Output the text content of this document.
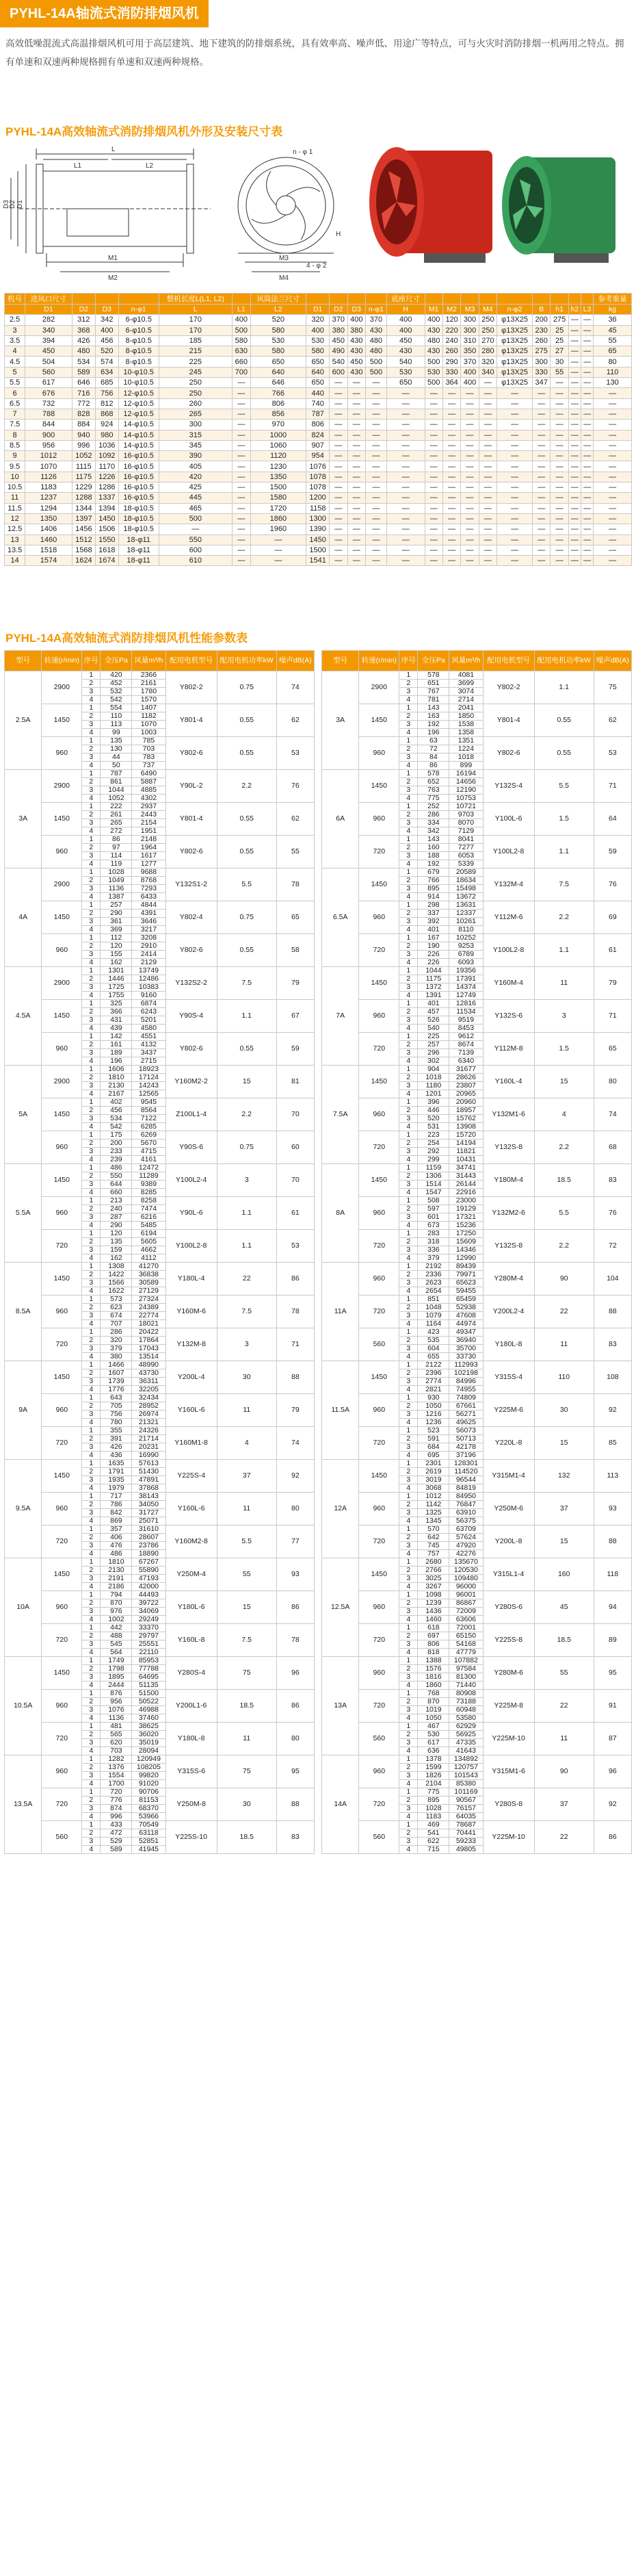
PYHL-14A轴流式消防排烟风机
高效低噪混流式高温排烟风机可用于高层建筑、地下建筑的防排烟系统，具有效率高、噪声低、用途广等特点，可与火灾时消防排烟一机两用之特点。拥有单速和双速两种规格拥有单速和双速两种规格。
PYHL-14A高效轴流式消防排烟风机外形及安装尺寸表
L
L1	L2
D1
D2
D3
n - φ 1
M1
M2
M3
M4
4 - φ 2
H
机号	进风口尺寸				整机长度L(L1, L2)		风筒法兰尺寸					底座尺寸										参考重量
	D1	D2	D3	n-φ1	L	L1	L2	D1	D2	D3	n-φ1	H	M1	M2	M3	M4	n-φ2	B	h1	h2	L3	kg
2.5	282	312	342	6-φ10.5	170	400	520	320	370	400	370	400	400	120	300	250	φ13X25	200	275	—	—	36
3	340	368	400	6-φ10.5	170	500	580	400	380	380	430	400	430	220	300	250	φ13X25	230	25	—	—	45
3.5	394	426	456	8-φ10.5	185	580	530	530	450	430	480	450	480	240	310	270	φ13X25	260	25	—	—	55
4	450	480	520	8-φ10.5	215	630	580	580	490	430	480	430	430	260	350	280	φ13X25	275	27	—	—	65
4.5	504	534	574	8-φ10.5	225	660	650	650	540	450	500	540	500	290	370	320	φ13X25	300	30	—	—	80
5	560	589	634	10-φ10.5	245	700	640	640	600	430	500	530	530	330	400	340	φ13X25	330	55	—	—	110
5.5	617	646	685	10-φ10.5	250	—	646	650	—	—	—	650	500	364	400	—	φ13X25	347	—	—	—	130
6	676	716	756	12-φ10.5	250	—	766	440	—	—	—	—	—	—	—	—	—	—	—	—	—	—
6.5	732	772	812	12-φ10.5	260	—	806	740	—	—	—	—	—	—	—	—	—	—	—	—	—	—
7	788	828	868	12-φ10.5	265	—	856	787	—	—	—	—	—	—	—	—	—	—	—	—	—	—
7.5	844	884	924	14-φ10.5	300	—	970	806	—	—	—	—	—	—	—	—	—	—	—	—	—	—
8	900	940	980	14-φ10.5	315	—	1000	824	—	—	—	—	—	—	—	—	—	—	—	—	—	—
8.5	956	996	1036	14-φ10.5	345	—	1060	907	—	—	—	—	—	—	—	—	—	—	—	—	—	—
9	1012	1052	1092	16-φ10.5	390	—	1120	954	—	—	—	—	—	—	—	—	—	—	—	—	—	—
9.5	1070	1115	1170	16-φ10.5	405	—	1230	1076	—	—	—	—	—	—	—	—	—	—	—	—	—	—
10	1126	1175	1226	16-φ10.5	420	—	1350	1078	—	—	—	—	—	—	—	—	—	—	—	—	—	—
10.5	1183	1229	1286	16-φ10.5	425	—	1500	1078	—	—	—	—	—	—	—	—	—	—	—	—	—	—
11	1237	1288	1337	16-φ10.5	445	—	1580	1200	—	—	—	—	—	—	—	—	—	—	—	—	—	—
11.5	1294	1344	1394	18-φ10.5	465	—	1720	1158	—	—	—	—	—	—	—	—	—	—	—	—	—	—
12	1350	1397	1450	18-φ10.5	500	—	1860	1300	—	—	—	—	—	—	—	—	—	—	—	—	—	—
12.5	1406	1456	1506	18-φ10.5	—	—	1960	1390	—	—	—	—	—	—	—	—	—	—	—	—	—	—
13	1460	1512	1550	18-φ11	550	—	—	1450	—	—	—	—	—	—	—	—	—	—	—	—	—	—
13.5	1518	1568	1618	18-φ11	600	—	—	1500	—	—	—	—	—	—	—	—	—	—	—	—	—	—
14	1574	1624	1674	18-φ11	610	—	—	1541	—	—	—	—	—	—	—	—	—	—	—	—	—	—
PYHL-14A高效轴流式消防排烟风机性能参数表
型号	转速(r/min)	序号	全压Pa	风量m³/h	配用电机型号	配用电机功率kW	噪声dB(A)
2.5A	2900	1	420	2366	Y802-2	0.75	74
		2	452	2161			
		3	532	1780			
		4	542	1570			
	1450	1	554	1407	Y801-4	0.55	62
		2	110	1182			
		3	113	1070			
		4	99	1003			
	960	1	135	785	Y802-6	0.55	53
		2	130	703			
		3	44	783			
		4	50	737			
3A	2900	1	787	6490	Y90L-2	2.2	76
		2	861	5887			
		3	1044	4885			
		4	1052	4302			
	1450	1	222	2937	Y801-4	0.55	62
		2	261	2443			
		3	265	2154			
		4	272	1951			
	960	1	86	2148	Y802-6	0.55	55
		2	97	1964			
		3	114	1617			
		4	119	1277			
4A	2900	1	1028	9688	Y132S1-2	5.5	78
		2	1049	8768			
		3	1136	7293			
		4	1387	6433			
	1450	1	257	4844	Y802-4	0.75	65
		2	290	4391			
		3	361	3646			
		4	369	3217			
	960	1	112	3208	Y802-6	0.55	58
		2	120	2910			
		3	155	2414			
		4	162	2129			
4.5A	2900	1	1301	13749	Y132S2-2	7.5	79
		2	1446	12486			
		3	1725	10383			
		4	1755	9160			
	1450	1	325	6874	Y90S-4	1.1	67
		2	366	6243			
		3	431	5201			
		4	439	4580			
	960	1	142	4551	Y802-6	0.55	59
		2	161	4132			
		3	189	3437			
		4	196	2715			
5A	2900	1	1606	18923	Y160M2-2	15	81
		2	1810	17124			
		3	2130	14243			
		4	2167	12565			
	1450	1	402	9545	Z100L1-4	2.2	70
		2	456	8564			
		3	534	7122			
		4	542	6285			
	960	1	175	6269	Y90S-6	0.75	60
		2	200	5670			
		3	233	4715			
		4	239	4161			
5.5A	1450	1	486	12472	Y100L2-4	3	70
		2	550	11289			
		3	644	9389			
		4	660	8285			
	960	1	213	8258	Y90L-6	1.1	61
		2	240	7474			
		3	287	6216			
		4	290	5485			
	720	1	120	6194	Y100L2-8	1.1	53
		2	135	5605			
		3	159	4662			
		4	162	4112			
8.5A	1450	1	1308	41270	Y180L-4	22	86
		2	1422	36838			
		3	1566	30589			
		4	1622	27129			
	960	1	573	27324	Y160M-6	7.5	78
		2	623	24389			
		3	674	22774			
		4	707	18021			
	720	1	286	20422	Y132M-8	3	71
		2	320	17864			
		3	379	17043			
		4	380	13514			
9A	1450	1	1466	48990	Y200L-4	30	88
		2	1607	43730			
		3	1739	36311			
		4	1776	32205			
	960	1	643	32434	Y160L-6	11	79
		2	705	28952			
		3	756	26974			
		4	780	21321			
	720	1	355	24326	Y160M1-8	4	74
		2	391	21714			
		3	426	20231			
		4	436	16990			
9.5A	1450	1	1635	57613	Y225S-4	37	92
		2	1791	51430			
		3	1935	47891			
		4	1979	37868			
	960	1	717	38143	Y160L-6	11	80
		2	786	34050			
		3	842	31727			
		4	869	25071			
	720	1	357	31610	Y160M2-8	5.5	77
		2	406	28607			
		3	476	23786			
		4	486	18890			
10A	1450	1	1810	67267	Y250M-4	55	93
		2	2130	55890			
		3	2191	47193			
		4	2186	42000			
	960	1	794	44493	Y180L-6	15	86
		2	870	39722			
		3	976	34069			
		4	1002	29249			
	720	1	442	33370	Y160L-8	7.5	78
		2	488	29797			
		3	545	25551			
		4	564	22110			
10.5A	1450	1	1749	85953	Y280S-4	75	96
		2	1798	77788			
		3	1895	64695			
		4	2444	51135			
	960	1	876	51500	Y200L1-6	18.5	86
		2	956	50522			
		3	1076	46988			
		4	1136	37460			
	720	1	481	38625	Y180L-8	11	80
		2	565	36020			
		3	620	35019			
		4	703	28094			
13.5A	960	1	1282	120949	Y315S-6	75	95
		2	1376	108205			
		3	1554	99820			
		4	1700	91020			
	720	1	720	90706	Y250M-8	30	88
		2	776	81153			
		3	874	68370			
		4	996	53966			
	560	1	433	70549	Y225S-10	18.5	83
		2	472	63118			
		3	529	52851			
		4	589	41945			
型号	转速(r/min)	序号	全压Pa	风量m³/h	配用电机型号	配用电机功率kW	噪声dB(A)
3A	2900	1	578	4081	Y802-2	1.1	75
		2	651	3699			
		3	767	3074			
		4	781	2714			
	1450	1	143	2041	Y801-4	0.55	62
		2	163	1850			
		3	192	1538			
		4	196	1358			
	960	1	63	1351	Y802-6	0.55	53
		2	72	1224			
		3	84	1018			
		4	86	899			
6A	1450	1	578	16194	Y132S-4	5.5	71
		2	652	14656			
		3	763	12190			
		4	775	10753			
	960	1	252	10721	Y100L-6	1.5	64
		2	286	9703			
		3	334	8070			
		4	342	7129			
	720	1	143	8041	Y100L2-8	1.1	59
		2	160	7277			
		3	188	6053			
		4	192	5339			
6.5A	1450	1	679	20589	Y132M-4	7.5	76
		2	766	18634			
		3	895	15498			
		4	914	13672			
	960	1	298	13631	Y112M-6	2.2	69
		2	337	12337			
		3	392	10261			
		4	401	8110			
	720	1	167	10252	Y100L2-8	1.1	61
		2	190	9253			
		3	226	6789			
		4	226	6093			
7A	1450	1	1044	19356	Y160M-4	11	79
		2	1175	17391			
		3	1372	14374			
		4	1391	12749			
	960	1	401	12816	Y132S-6	3	71
		2	457	11534			
		3	526	9519			
		4	540	8453			
	720	1	225	9612	Y112M-8	1.5	65
		2	257	8674			
		3	296	7139			
		4	302	6340			
7.5A	1450	1	904	31677	Y160L-4	15	80
		2	1018	28626			
		3	1180	23807			
		4	1201	20965			
	960	1	396	20960	Y132M1-6	4	74
		2	446	18957			
		3	520	15762			
		4	531	13908			
	720	1	223	15720	Y132S-8	2.2	68
		2	254	14194			
		3	292	11821			
		4	299	10431			
8A	1450	1	1159	34741	Y180M-4	18.5	83
		2	1306	31443			
		3	1514	26144			
		4	1547	22916			
	960	1	508	23000	Y132M2-6	5.5	76
		2	597	19129			
		3	601	17321			
		4	673	15236			
	720	1	283	17250	Y132S-8	2.2	72
		2	318	15609			
		3	336	14346			
		4	379	12990			
11A	960	1	2192	89439	Y280M-4	90	104
		2	2336	79971			
		3	2623	65623			
		4	2654	59455			
	720	1	851	65459	Y200L2-4	22	88
		2	1048	52938			
		3	1079	47608			
		4	1164	44974			
	560	1	423	49347	Y180L-8	11	83
		2	535	36940			
		3	604	35700			
		4	655	33730			
11.5A	1450	1	2122	112993	Y315S-4	110	108
		2	2396	102198			
		3	2774	84996			
		4	2821	74955			
	960	1	930	74809	Y225M-6	30	92
		2	1050	67661			
		3	1216	56271			
		4	1236	49625			
	720	1	523	56073	Y220L-8	15	85
		2	591	50713			
		3	684	42178			
		4	695	37196			
12A	1450	1	2301	128301	Y315M1-4	132	113
		2	2619	114520			
		3	3019	96544			
		4	3068	84819			
	960	1	1012	84950	Y250M-6	37	93
		2	1142	76847			
		3	1325	63910			
		4	1345	56375			
	720	1	570	63709	Y200L-8	15	88
		2	642	57624			
		3	745	47920			
		4	757	42276			
12.5A	1450	1	2680	135670	Y315L1-4	160	118
		2	2766	120530			
		3	3025	109480			
		4	3267	96000			
	960	1	1098	96001	Y280S-6	45	94
		2	1239	86867			
		3	1436	72009			
		4	1460	63606			
	720	1	618	72001	Y225S-8	18.5	89
		2	697	65150			
		3	806	54168			
		4	818	47779			
13A	960	1	1388	107882	Y280M-6	55	95
		2	1576	97584			
		3	1816	81300			
		4	1860	71440			
	720	1	768	80908	Y225M-8	22	91
		2	870	73188			
		3	1019	60948			
		4	1050	53580			
	560	1	467	62929	Y225M-10	11	87
		2	530	56925			
		3	617	47335			
		4	636	41643			
14A	960	1	1378	134892	Y315M1-6	90	96
		2	1599	120757			
		3	1826	101543			
		4	2104	85380			
	720	1	775	101169	Y280S-8	37	92
		2	895	90567			
		3	1028	76157			
		4	1183	64035			
	560	1	469	78687	Y225M-10	22	86
		2	541	70441			
		3	622	59233			
		4	715	49805			
